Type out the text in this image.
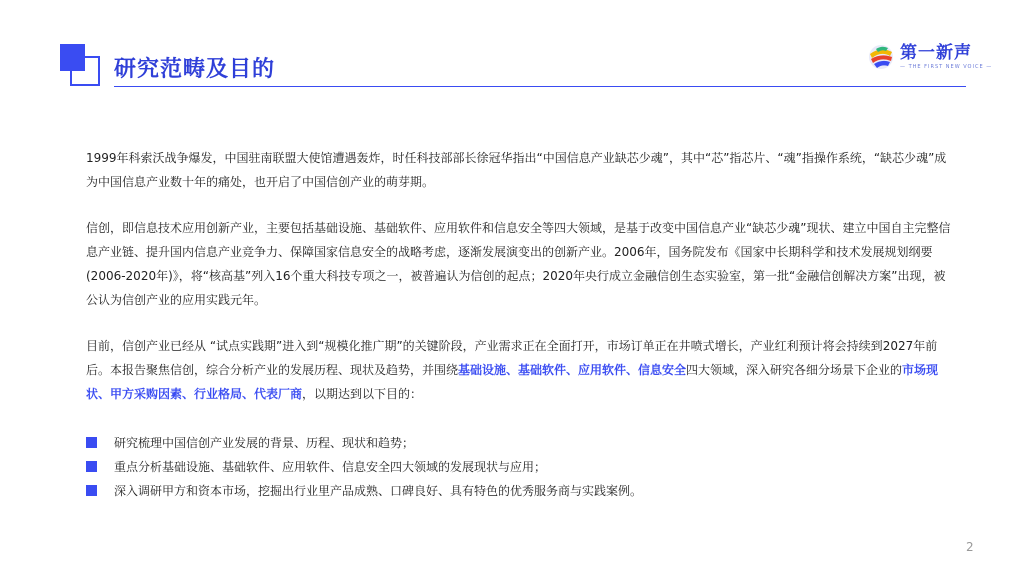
研究范畴及目的
第一新声
— THE FIRST NEW VOICE —

1999年科索沃战争爆发，中国驻南联盟大使馆遭遇轰炸，时任科技部部长徐冠华指出“中国信息产业缺芯少魂”，其中“芯”指芯片、“魂”指操作系统，“缺芯少魂”成为中国信息产业数十年的痛处，也开启了中国信创产业的萌芽期。

信创，即信息技术应用创新产业，主要包括基础设施、基础软件、应用软件和信息安全等四大领域，是基于改变中国信息产业“缺芯少魂”现状、建立中国自主完整信息产业链、提升国内信息产业竞争力、保障国家信息安全的战略考虑，逐渐发展演变出的创新产业。2006年，国务院发布《国家中长期科学和技术发展规划纲要(2006-2020年)》，将“核高基”列入16个重大科技专项之一，被普遍认为信创的起点；2020年央行成立金融信创生态实验室，第一批“金融信创解决方案”出现，被公认为信创产业的应用实践元年。

目前，信创产业已经从 “试点实践期”进入到“规模化推广期”的关键阶段，产业需求正在全面打开，市场订单正在井喷式增长，产业红利预计将会持续到2027年前后。本报告聚焦信创，综合分析产业的发展历程、现状及趋势，并围绕基础设施、基础软件、应用软件、信息安全四大领域，深入研究各细分场景下企业的市场现状、甲方采购因素、行业格局、代表厂商，以期达到以下目的：

研究梳理中国信创产业发展的背景、历程、现状和趋势；
重点分析基础设施、基础软件、应用软件、信息安全四大领域的发展现状与应用；
深入调研甲方和资本市场，挖掘出行业里产品成熟、口碑良好、具有特色的优秀服务商与实践案例。
2
